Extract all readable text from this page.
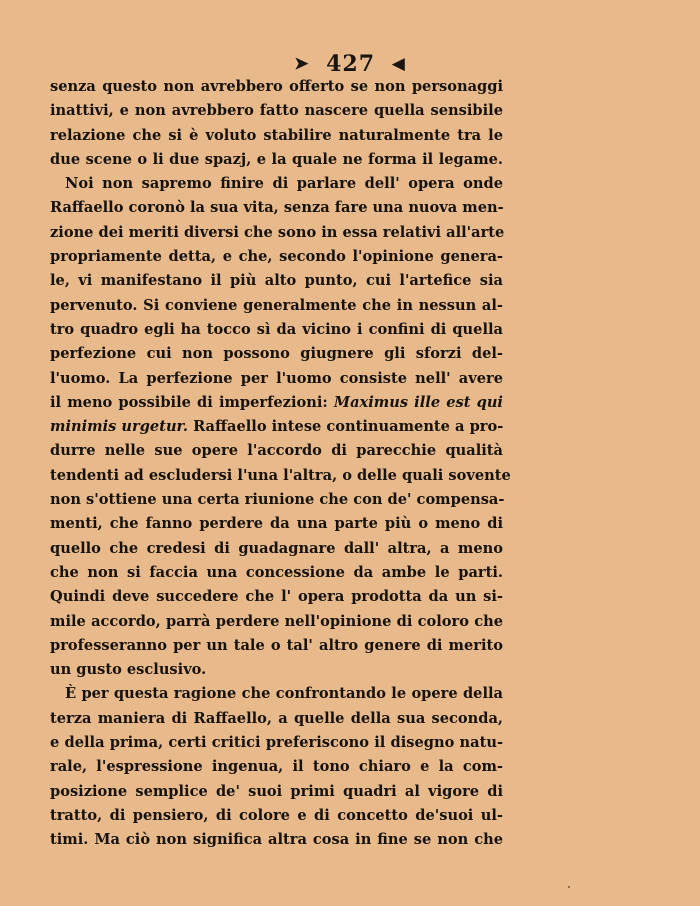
➤ 427 ◀
senza questo non avrebbero offerto se non personaggi
inattivi, e non avrebbero fatto nascere quella sensibile
relazione che si è voluto stabilire naturalmente tra le
due scene o li due spazj, e la quale ne forma il legame.
Noi non sapremo finire di parlare dell' opera onde
Raffaello coronò la sua vita, senza fare una nuova men-
zione dei meriti diversi che sono in essa relativi all'arte
propriamente detta, e che, secondo l'opinione genera-
le, vi manifestano il più alto punto, cui l'artefice sia
pervenuto. Si conviene generalmente che in nessun al-
tro quadro egli ha tocco sì da vicino i confini di quella
perfezione cui non possono giugnere gli sforzi del-
l'uomo. La perfezione per l'uomo consiste nell' avere
il meno possibile di imperfezioni: Maximus ille est qui
minimis urgetur. Raffaello intese continuamente a pro-
durre nelle sue opere l'accordo di parecchie qualità
tendenti ad escludersi l'una l'altra, o delle quali sovente
non s'ottiene una certa riunione che con de' compensa-
menti, che fanno perdere da una parte più o meno di
quello che credesi di guadagnare dall' altra, a meno
che non si faccia una concessione da ambe le parti.
Quindi deve succedere che l' opera prodotta da un si-
mile accordo, parrà perdere nell'opinione di coloro che
professeranno per un tale o tal' altro genere di merito
un gusto esclusivo.
È per questa ragione che confrontando le opere della
terza maniera di Raffaello, a quelle della sua seconda,
e della prima, certi critici preferiscono il disegno natu-
rale, l'espressione ingenua, il tono chiaro e la com-
posizione semplice de' suoi primi quadri al vigore di
tratto, di pensiero, di colore e di concetto de'suoi ul-
timi. Ma ciò non significa altra cosa in fine se non che
